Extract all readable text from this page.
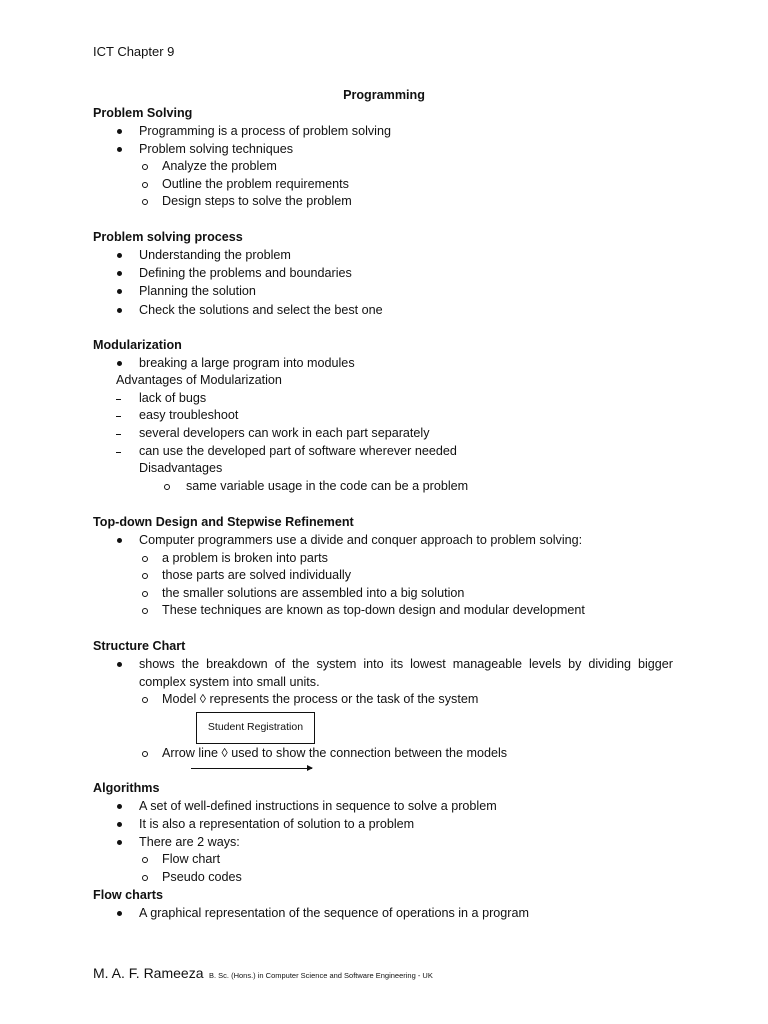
ICT Chapter 9
Programming
Problem Solving
Programming is a process of problem solving
Problem solving techniques
Analyze the problem
Outline the problem requirements
Design steps to solve the problem
Problem solving process
Understanding the problem
Defining the problems and boundaries
Planning the solution
Check the solutions and select the best one
Modularization
breaking a large program into modules
Advantages of Modularization
lack of bugs
easy troubleshoot
several developers can work in each part separately
can use the developed part of software wherever needed
Disadvantages
same variable usage in the code can be a problem
Top-down Design and Stepwise Refinement
Computer programmers use a divide and conquer approach to problem solving:
a problem is broken into parts
those parts are solved individually
the smaller solutions are assembled into a big solution
These techniques are known as top-down design and modular development
Structure Chart
shows the breakdown of the system into its lowest manageable levels by dividing bigger
complex system into small units.
Model ◊ represents the process or the task of the system
Student Registration
Arrow line ◊ used to show the connection between the models
Algorithms
A set of well-defined instructions in sequence to solve a problem
It is also a representation of solution to a problem
There are 2 ways:
Flow chart
Pseudo codes
Flow charts
A graphical representation of the sequence of operations in a program
M. A. F. Rameeza B. Sc. (Hons.) in Computer Science and Software Engineering - UK
